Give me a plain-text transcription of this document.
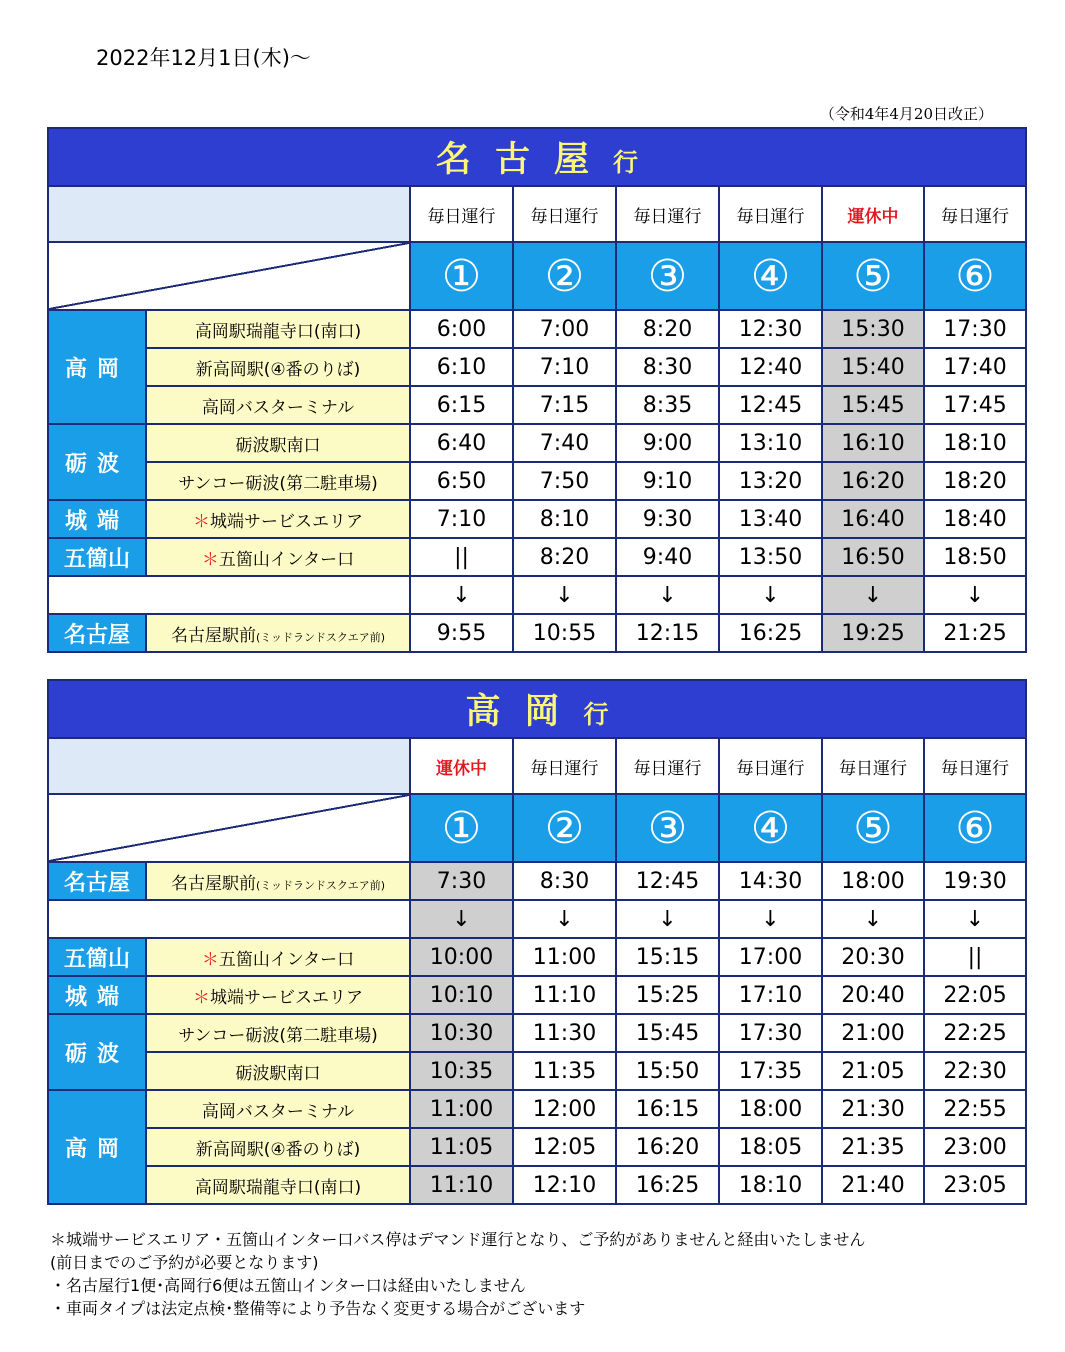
2022年12月1日(木)～
（令和4年4月20日改正）
名古屋行							
		毎日運行	毎日運行	毎日運行	毎日運行	運休中	毎日運行
		①	②	③	④	⑤	⑥
高岡	高岡駅瑞龍寺口(南口)	6:00	7:00	8:20	12:30	15:30	17:30
	新高岡駅(④番のりば)	6:10	7:10	8:30	12:40	15:40	17:40
	高岡バスターミナル	6:15	7:15	8:35	12:45	15:45	17:45
砺波	砺波駅南口	6:40	7:40	9:00	13:10	16:10	18:10
	サンコー砺波(第二駐車場)	6:50	7:50	9:10	13:20	16:20	18:20
城端	＊城端サービスエリア	7:10	8:10	9:30	13:40	16:40	18:40
五箇山	＊五箇山インター口	||	8:20	9:40	13:50	16:50	18:50
		↓	↓	↓	↓	↓	↓
名古屋	名古屋駅前(ミッドランドスクエア前)	9:55	10:55	12:15	16:25	19:25	21:25
高岡行							
		運休中	毎日運行	毎日運行	毎日運行	毎日運行	毎日運行
		①	②	③	④	⑤	⑥
名古屋	名古屋駅前(ミッドランドスクエア前)	7:30	8:30	12:45	14:30	18:00	19:30
		↓	↓	↓	↓	↓	↓
五箇山	＊五箇山インター口	10:00	11:00	15:15	17:00	20:30	||
城端	＊城端サービスエリア	10:10	11:10	15:25	17:10	20:40	22:05
砺波	サンコー砺波(第二駐車場)	10:30	11:30	15:45	17:30	21:00	22:25
	砺波駅南口	10:35	11:35	15:50	17:35	21:05	22:30
高岡	高岡バスターミナル	11:00	12:00	16:15	18:00	21:30	22:55
	新高岡駅(④番のりば)	11:05	12:05	16:20	18:05	21:35	23:00
	高岡駅瑞龍寺口(南口)	11:10	12:10	16:25	18:10	21:40	23:05
＊城端サービスエリア・五箇山インター口バス停はデマンド運行となり、ご予約がありませんと経由いたしません
(前日までのご予約が必要となります)
・名古屋行1便･高岡行6便は五箇山インター口は経由いたしません
・車両タイプは法定点検･整備等により予告なく変更する場合がございます
